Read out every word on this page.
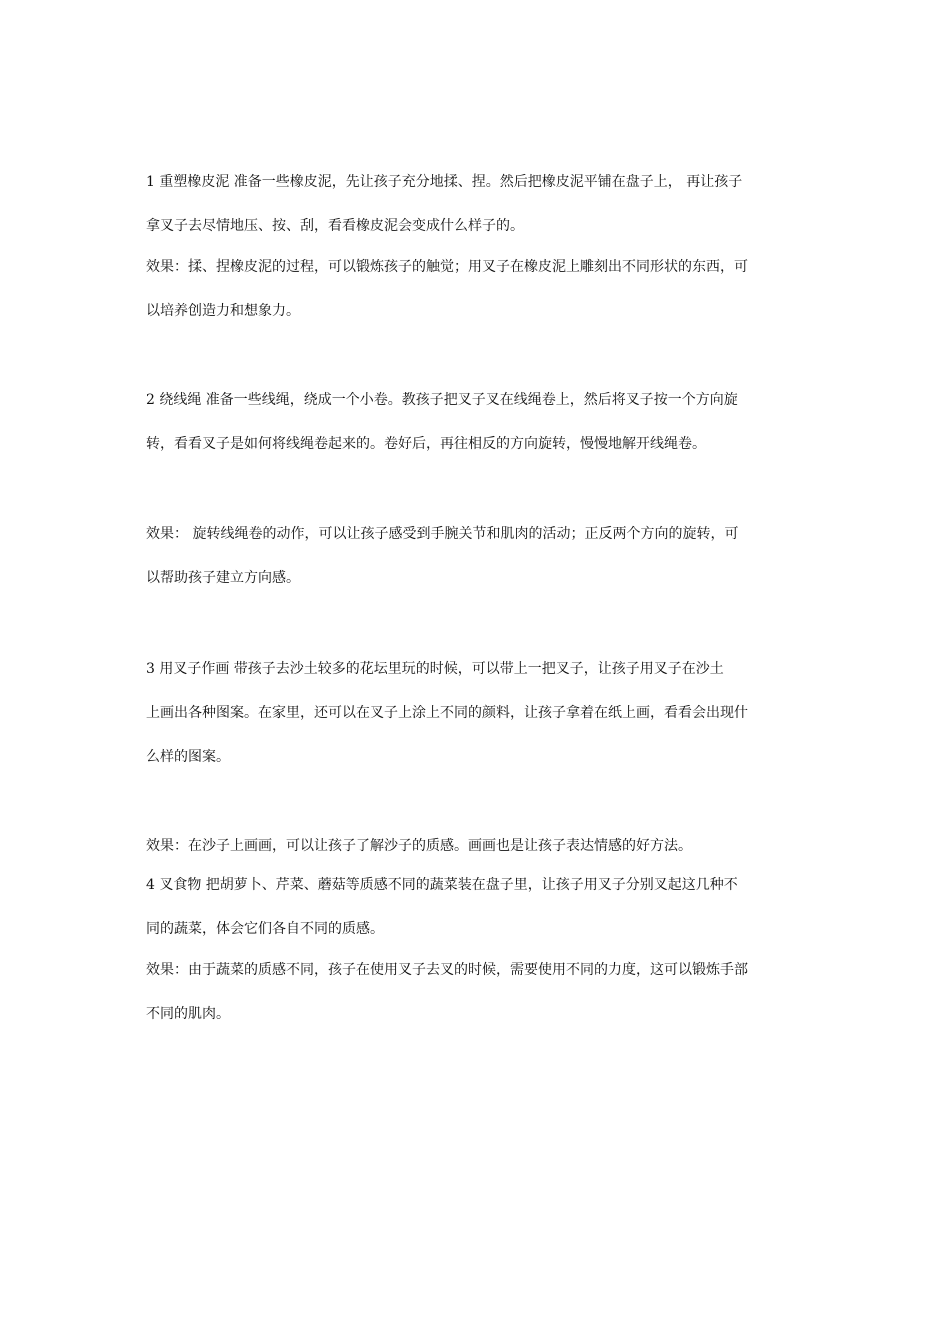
1 重塑橡皮泥 准备一些橡皮泥，先让孩子充分地揉、捏。然后把橡皮泥平铺在盘子上， 再让孩子
拿叉子去尽情地压、按、刮，看看橡皮泥会变成什么样子的。
效果：揉、捏橡皮泥的过程，可以锻炼孩子的触觉；用叉子在橡皮泥上雕刻出不同形状的东西，可
以培养创造力和想象力。
2 绕线绳 准备一些线绳，绕成一个小卷。教孩子把叉子叉在线绳卷上，然后将叉子按一个方向旋
转，看看叉子是如何将线绳卷起来的。卷好后，再往相反的方向旋转，慢慢地解开线绳卷。
效果： 旋转线绳卷的动作，可以让孩子感受到手腕关节和肌肉的活动；正反两个方向的旋转，可
以帮助孩子建立方向感。
3 用叉子作画 带孩子去沙土较多的花坛里玩的时候，可以带上一把叉子，让孩子用叉子在沙土
上画出各种图案。在家里，还可以在叉子上涂上不同的颜料，让孩子拿着在纸上画，看看会出现什
么样的图案。
效果：在沙子上画画，可以让孩子了解沙子的质感。画画也是让孩子表达情感的好方法。
4 叉食物 把胡萝卜、芹菜、蘑菇等质感不同的蔬菜装在盘子里，让孩子用叉子分别叉起这几种不
同的蔬菜，体会它们各自不同的质感。
效果：由于蔬菜的质感不同，孩子在使用叉子去叉的时候，需要使用不同的力度，这可以锻炼手部
不同的肌肉。
